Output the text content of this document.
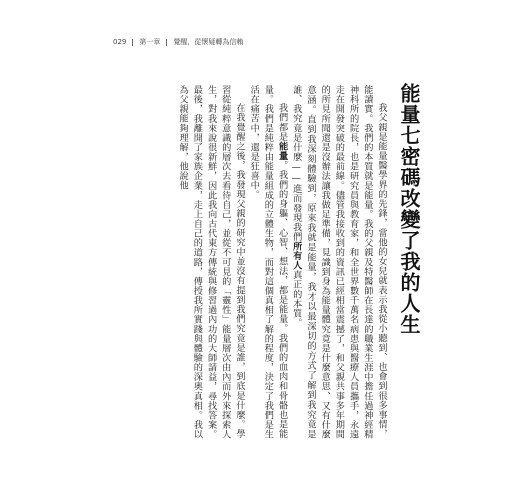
029 第一章 覺醒，從懷疑轉為信賴
能量七密碼改變了我的人生

我父親是能量醫學界的先鋒，當他的女兒就表示我從小聽到、也會到很多事情，能讀實。我們的本質就是能量。我的父親及特醫師在長達的職業生涯中擔任過神經精神科所的院長，也是研究員與教育家，和全世界數千萬名病患與醫療人員攜手，永遠走在開發突破的最前線。儘管我接收到的資訊已經相當震撼了，和父親共事多年期間的所見所聞還是沒辦法讓我做足準備，見識到身為能量體究竟是什麼意思、又有什麼意涵。直到我深刻體驗到，原來我就是能量，我才以最深切的方式了解到我究竟是誰、我究竟是什麼——進而發現我們所有人真正的本質。

我們都是能量。我們的身軀、心智、想法，都是能量。我們的血肉和骨骼也是能量。我們是純粹由能量組成的立體生物，而對這個真相了解的程度，決定了我們是生活在痛苦中，還是狂喜中。

在我覺醒之後，我發現父親的研究中並沒有提到我們究竟是誰，到底是什麼。學習從純粹意識的層次去看待自己，並從不可見的「靈性」能量層次由內而外來探索人生，對我來說很新鮮，因此我向古代東方傳統與修習過內功的大師請益，尋找答案。最後，我離開了家族企業，走上自己的道路，傳授我所實踐與體驗的深奧真相。我以為父親能夠理解，他說他
